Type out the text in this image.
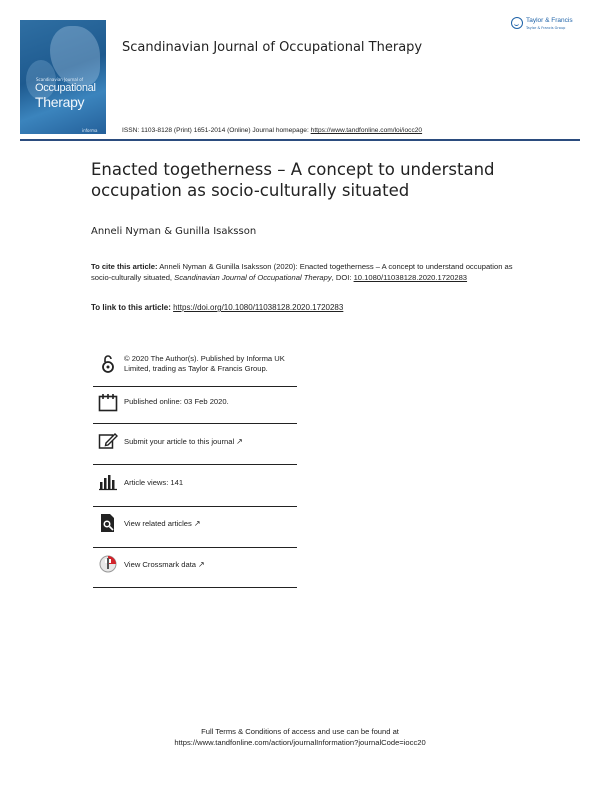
Scandinavian Journal of
Occupational
Therapy
informa
Scandinavian Journal of Occupational Therapy
Taylor & Francis
Taylor & Francis Group
ISSN: 1103-8128 (Print) 1651-2014 (Online) Journal homepage: https://www.tandfonline.com/loi/iocc20
Enacted togetherness – A concept to understand occupation as socio-culturally situated
Anneli Nyman & Gunilla Isaksson
To cite this article: Anneli Nyman & Gunilla Isaksson (2020): Enacted togetherness – A concept to understand occupation as socio-culturally situated, Scandinavian Journal of Occupational Therapy, DOI: 10.1080/11038128.2020.1720283
To link to this article: https://doi.org/10.1080/11038128.2020.1720283
© 2020 The Author(s). Published by Informa UK Limited, trading as Taylor & Francis Group.
Published online: 03 Feb 2020.
Submit your article to this journal ↗
Article views: 141
View related articles ↗
View Crossmark data ↗
Full Terms & Conditions of access and use can be found at
https://www.tandfonline.com/action/journalInformation?journalCode=iocc20
